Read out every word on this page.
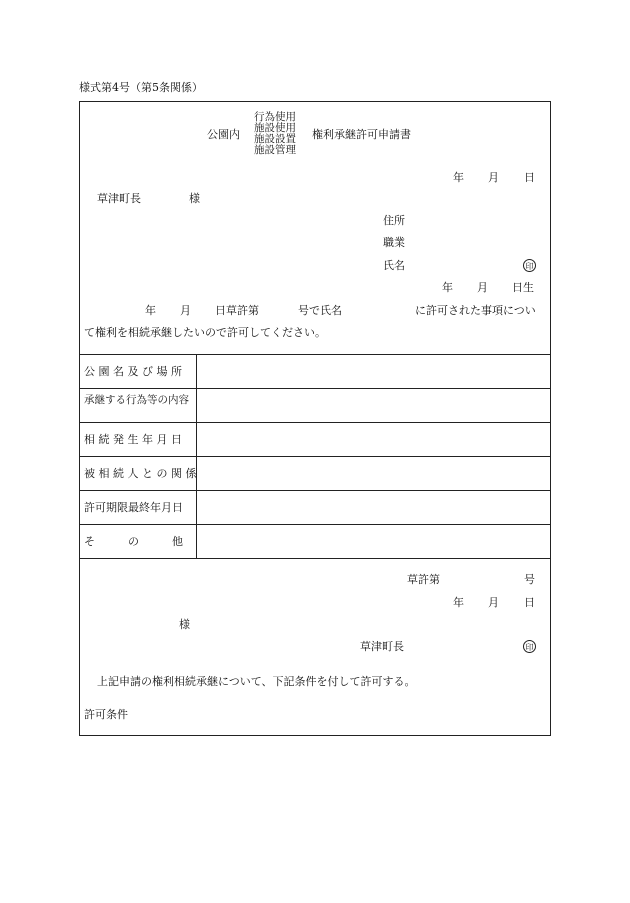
様式第4号（第5条関係）
公園内
行為使用
施設使用
施設設置
施設管理
権利承継許可申請書
年 月 日
草津町長	様
住所
職業
氏名	印
年 月 日生
年 月 日草許第	号で氏名	に許可された事項につい
て権利を相続承継したいので許可してください。
公 園 名 及 び 場 所
承継する行為等の内容
相 続 発 生 年 月 日
被 相 続 人 と の 関 係
許可期限最終年月日
そ　　　の　　　他
草許第	号
年 月 日
様
草津町長	印
上記申請の権利相続承継について、下記条件を付して許可する。
許可条件
